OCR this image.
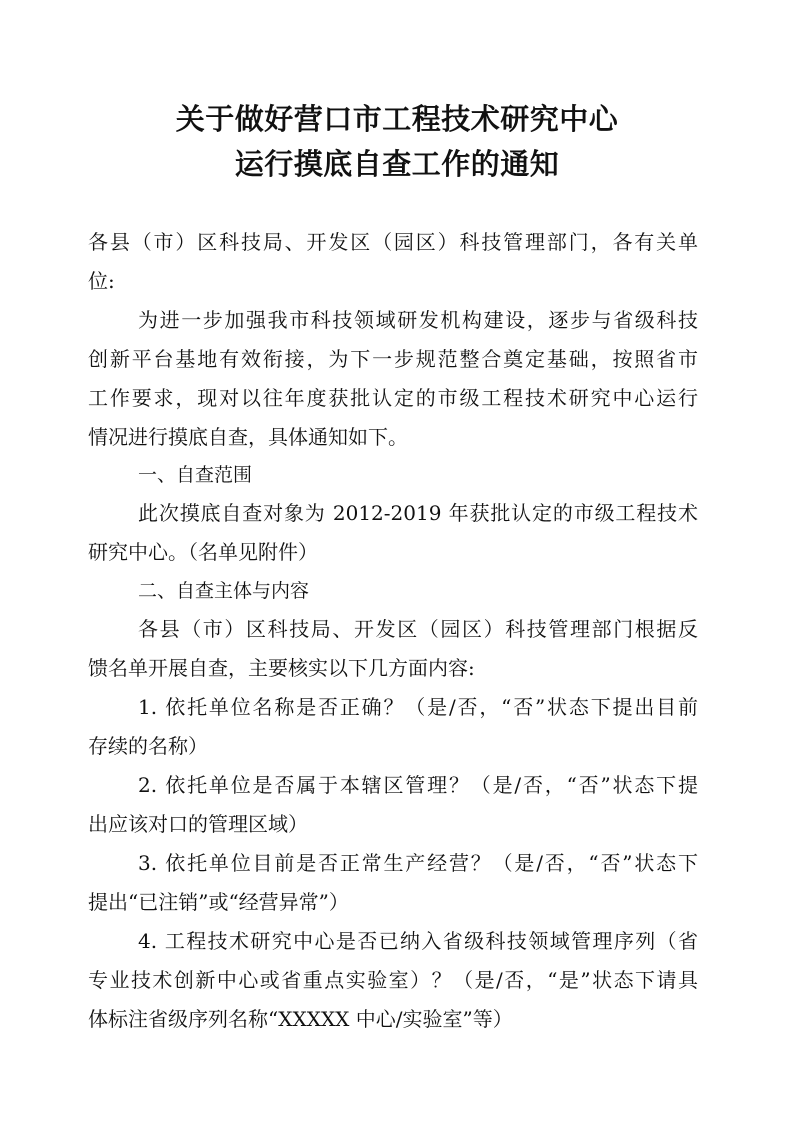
关于做好营口市工程技术研究中心
运行摸底自查工作的通知
各县（市）区科技局、开发区（园区）科技管理部门，各有关单
位:
为进一步加强我市科技领域研发机构建设，逐步与省级科技
创新平台基地有效衔接，为下一步规范整合奠定基础，按照省市
工作要求，现对以往年度获批认定的市级工程技术研究中心运行
情况进行摸底自查，具体通知如下。
一、自查范围
此次摸底自查对象为 2012-2019 年获批认定的市级工程技术
研究中心。（名单见附件）
二、自查主体与内容
各县（市）区科技局、开发区（园区）科技管理部门根据反
馈名单开展自查，主要核实以下几方面内容:
1. 依托单位名称是否正确？（是/否，“否”状态下提出目前
存续的名称）
2. 依托单位是否属于本辖区管理？（是/否，“否”状态下提
出应该对口的管理区域）
3. 依托单位目前是否正常生产经营？（是/否，“否”状态下
提出“已注销”或“经营异常”）
4. 工程技术研究中心是否已纳入省级科技领域管理序列（省
专业技术创新中心或省重点实验室）？（是/否，“是”状态下请具
体标注省级序列名称“XXXXX 中心/实验室”等）
